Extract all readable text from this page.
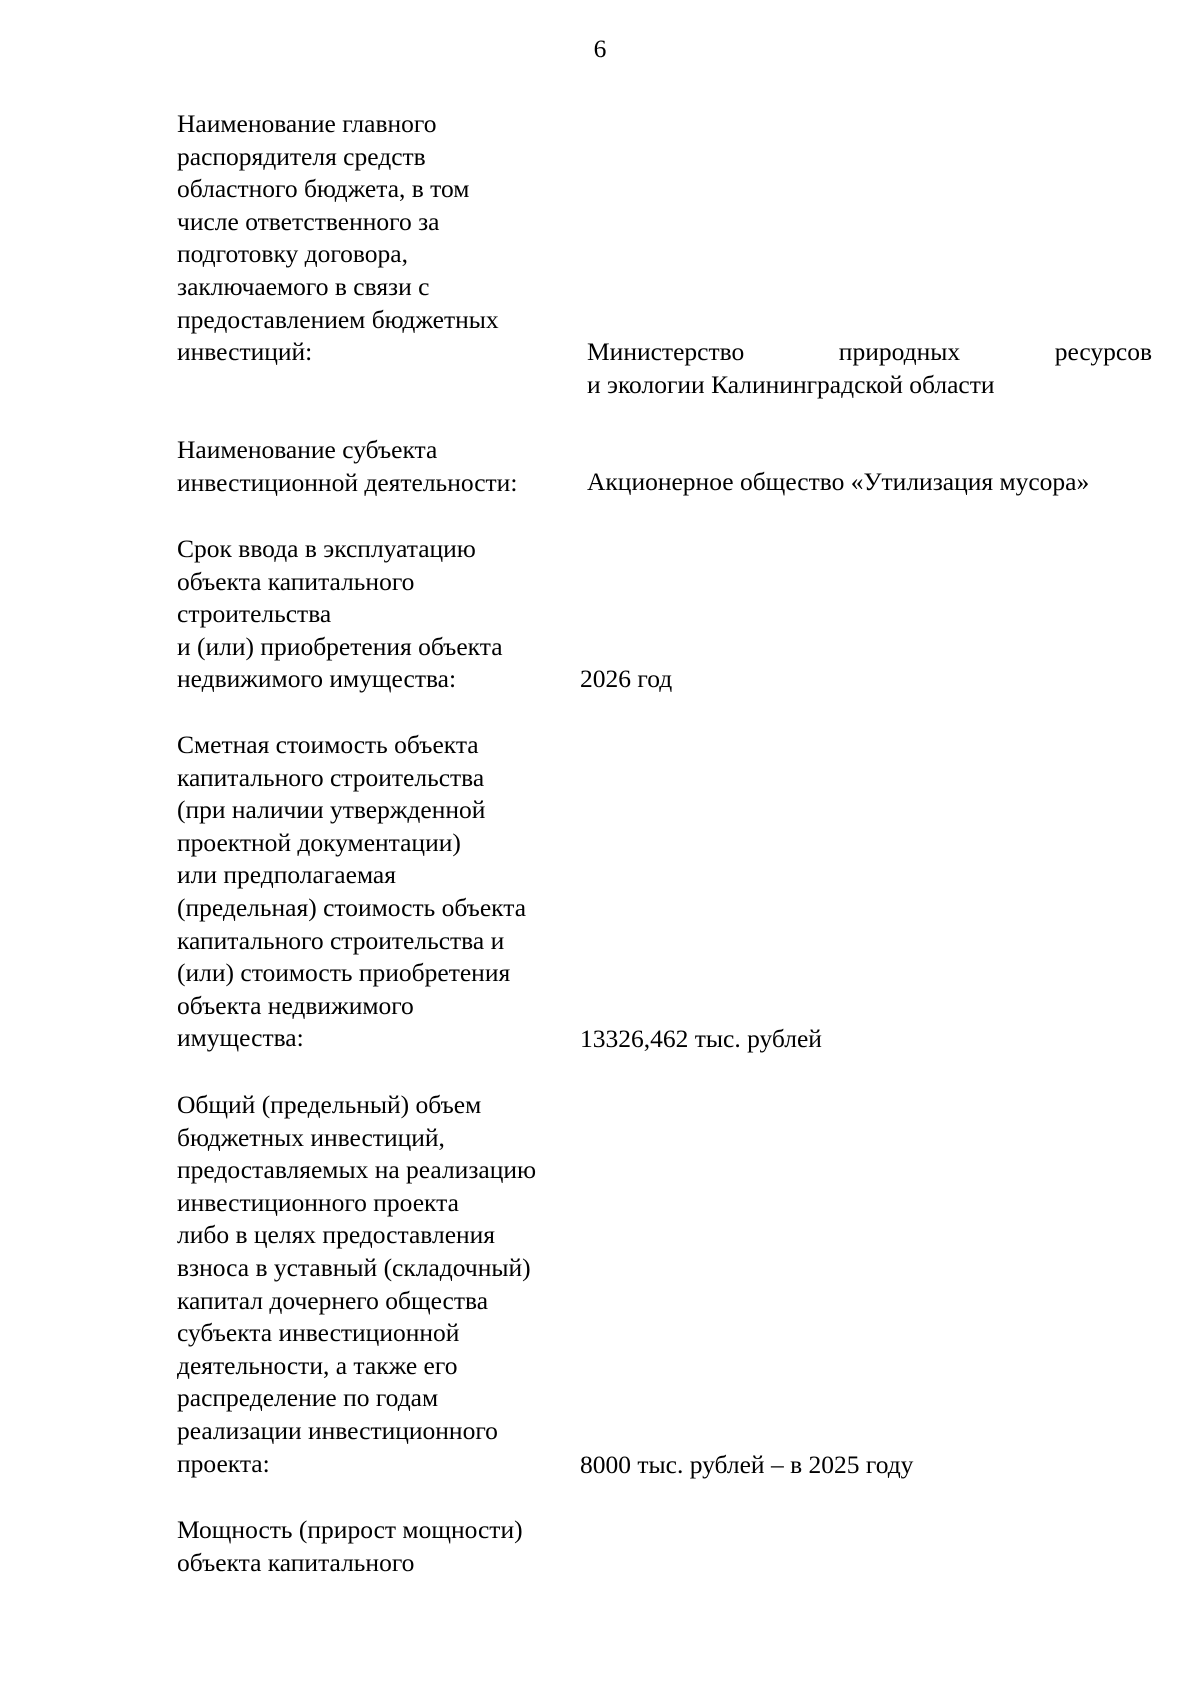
6
Наименование главного
распорядителя средств
областного бюджета, в том
числе ответственного за
подготовку договора,
заключаемого в связи с
предоставлением бюджетных
инвестиций:	Министерство природных ресурсов
и экологии Калининградской области
Наименование субъекта
инвестиционной деятельности:	Акционерное общество «Утилизация мусора»
Срок ввода в эксплуатацию
объекта капитального
строительства
и (или) приобретения объекта
недвижимого имущества:	2026 год
Сметная стоимость объекта
капитального строительства
(при наличии утвержденной
проектной документации)
или предполагаемая
(предельная) стоимость объекта
капитального строительства и
(или) стоимость приобретения
объекта недвижимого
имущества:	13326,462 тыс. рублей
Общий (предельный) объем
бюджетных инвестиций,
предоставляемых на реализацию
инвестиционного проекта
либо в целях предоставления
взноса в уставный (складочный)
капитал дочернего общества
субъекта инвестиционной
деятельности, а также его
распределение по годам
реализации инвестиционного
проекта:	8000 тыс. рублей – в 2025 году
Мощность (прирост мощности)
объекта капитального
